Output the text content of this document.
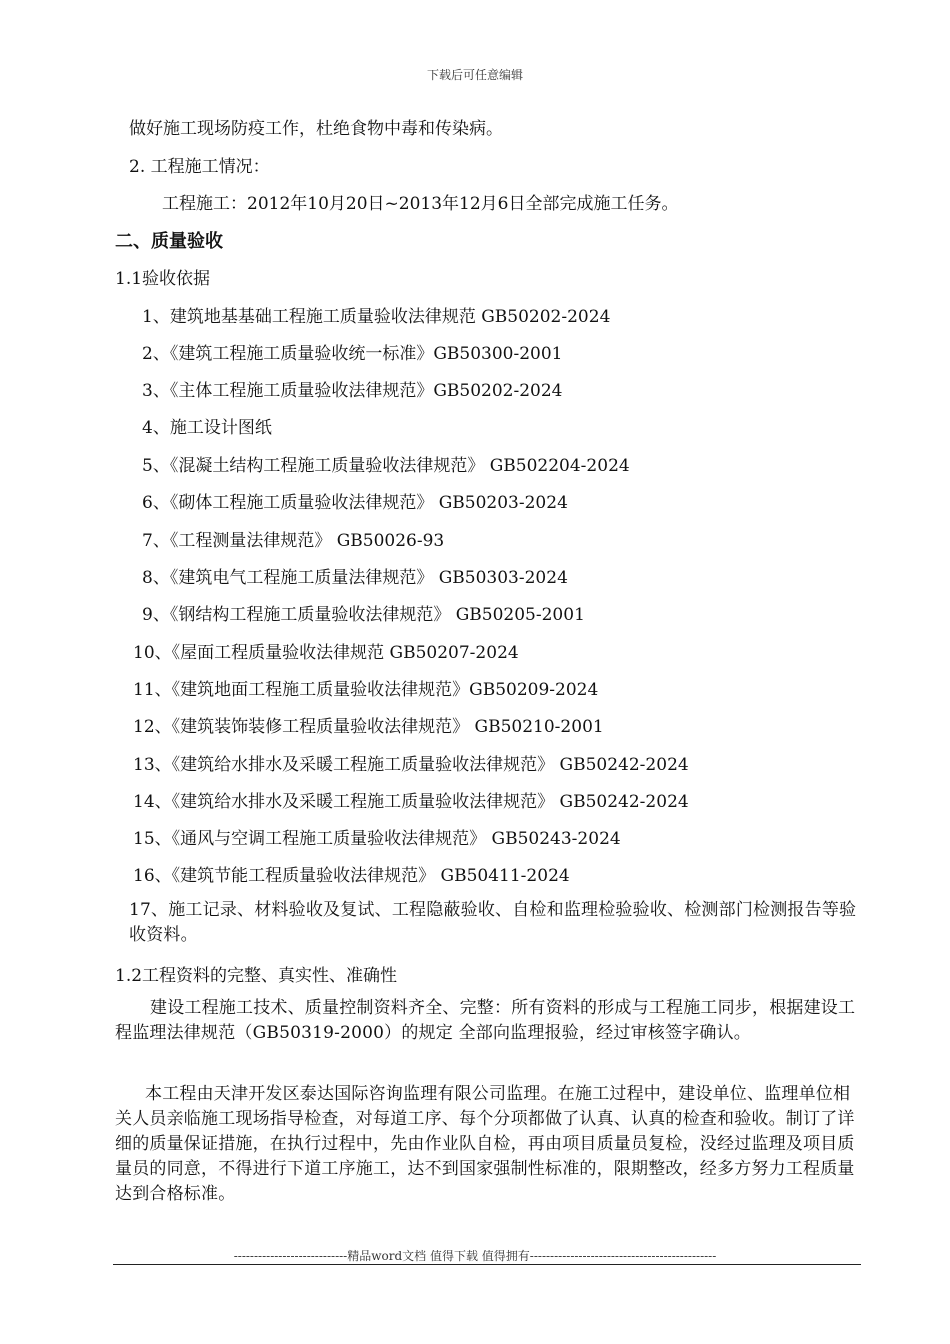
下载后可任意编辑
做好施工现场防疫工作，杜绝食物中毒和传染病。
2. 工程施工情况：
工程施工：2012年10月20日~2013年12月6日全部完成施工任务。
二、质量验收
1.1验收依据
1、建筑地基基础工程施工质量验收法律规范 GB50202-2024
2、《建筑工程施工质量验收统一标准》GB50300-2001
3、《主体工程施工质量验收法律规范》GB50202-2024
4、施工设计图纸
5、《混凝土结构工程施工质量验收法律规范》 GB502204-2024
6、《砌体工程施工质量验收法律规范》 GB50203-2024
7、《工程测量法律规范》 GB50026-93
8、《建筑电气工程施工质量法律规范》 GB50303-2024
9、《钢结构工程施工质量验收法律规范》 GB50205-2001
10、《屋面工程质量验收法律规范 GB50207-2024
11、《建筑地面工程施工质量验收法律规范》GB50209-2024
12、《建筑装饰装修工程质量验收法律规范》 GB50210-2001
13、《建筑给水排水及采暖工程施工质量验收法律规范》 GB50242-2024
14、《建筑给水排水及采暖工程施工质量验收法律规范》 GB50242-2024
15、《通风与空调工程施工质量验收法律规范》 GB50243-2024
16、《建筑节能工程质量验收法律规范》 GB50411-2024
17、施工记录、材料验收及复试、工程隐蔽验收、自检和监理检验验收、检测部门检测报告等验收资料。
1.2工程资料的完整、真实性、准确性
建设工程施工技术、质量控制资料齐全、完整：所有资料的形成与工程施工同步，根据建设工程监理法律规范（GB50319-2000）的规定 全部向监理报验，经过审核签字确认。
本工程由天津开发区泰达国际咨询监理有限公司监理。在施工过程中，建设单位、监理单位相关人员亲临施工现场指导检查，对每道工序、每个分项都做了认真、认真的检查和验收。制订了详细的质量保证措施，在执行过程中，先由作业队自检，再由项目质量员复检，没经过监理及项目质量员的同意，不得进行下道工序施工，达不到国家强制性标准的，限期整改，经多方努力工程质量达到合格标准。
----------------------------精品word文档 值得下载 值得拥有----------------------------------------------
